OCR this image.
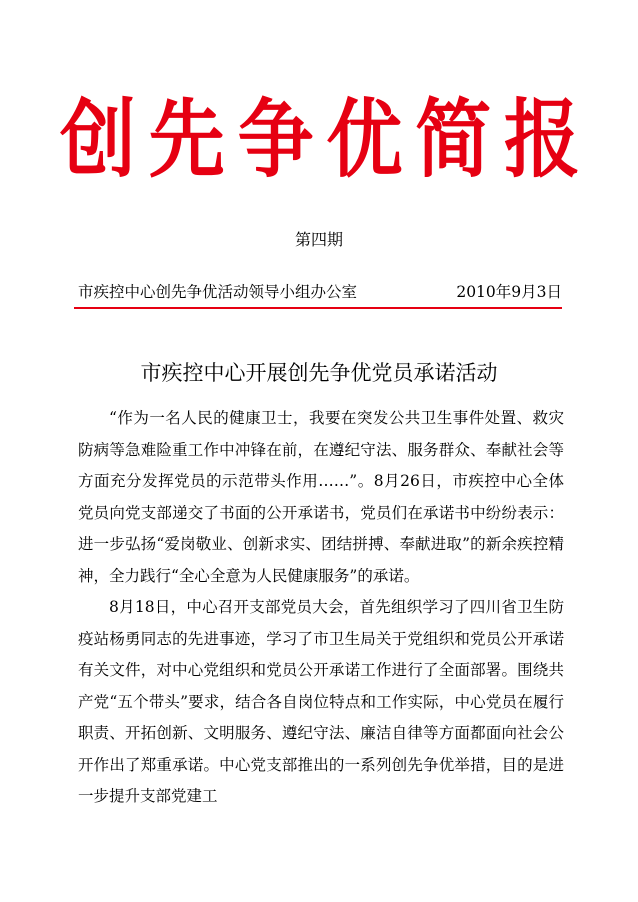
创 先 争 优 简 报

第四期

市疾控中心创先争优活动领导小组办公室	2010年9月3日
市疾控中心开展创先争优党员承诺活动

“作为一名人民的健康卫士，我要在突发公共卫生事件处置、救灾防病等急难险重工作中冲锋在前，在遵纪守法、服务群众、奉献社会等方面充分发挥党员的示范带头作用……”。8月26日，市疾控中心全体党员向党支部递交了书面的公开承诺书，党员们在承诺书中纷纷表示：进一步弘扬“爱岗敬业、创新求实、团结拼搏、奉献进取”的新余疾控精神，全力践行“全心全意为人民健康服务”的承诺。

8月18日，中心召开支部党员大会，首先组织学习了四川省卫生防疫站杨勇同志的先进事迹，学习了市卫生局关于党组织和党员公开承诺有关文件，对中心党组织和党员公开承诺工作进行了全面部署。围绕共产党“五个带头”要求，结合各自岗位特点和工作实际，中心党员在履行职责、开拓创新、文明服务、遵纪守法、廉洁自律等方面都面向社会公开作出了郑重承诺。中心党支部推出的一系列创先争优举措，目的是进一步提升支部党建工
